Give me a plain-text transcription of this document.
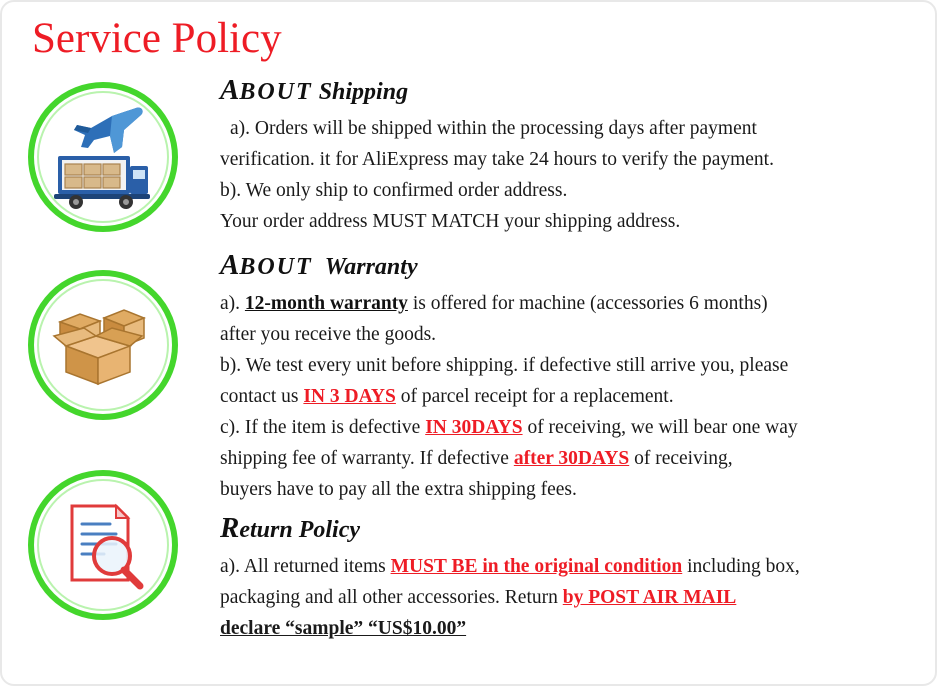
Service Policy
ABOUT Shipping

a). Orders will be shipped within the processing days after payment

verification. it for AliExpress may take 24 hours to verify the payment.

b). We only ship to confirmed order address.

Your order address MUST MATCH your shipping address.

ABOUT Warranty

a). 12-month warranty is offered for machine (accessories 6 months)

after you receive the goods.

b). We test every unit before shipping. if defective still arrive you, please

contact us IN 3 DAYS of parcel receipt for a replacement.

c). If the item is defective IN 30DAYS of receiving, we will bear one way

shipping fee of warranty. If defective after 30DAYS of receiving,

buyers have to pay all the extra shipping fees.

Return Policy

a). All returned items MUST BE in the original condition including box,

packaging and all other accessories. Return by POST AIR MAIL

declare “sample” “US$10.00”
